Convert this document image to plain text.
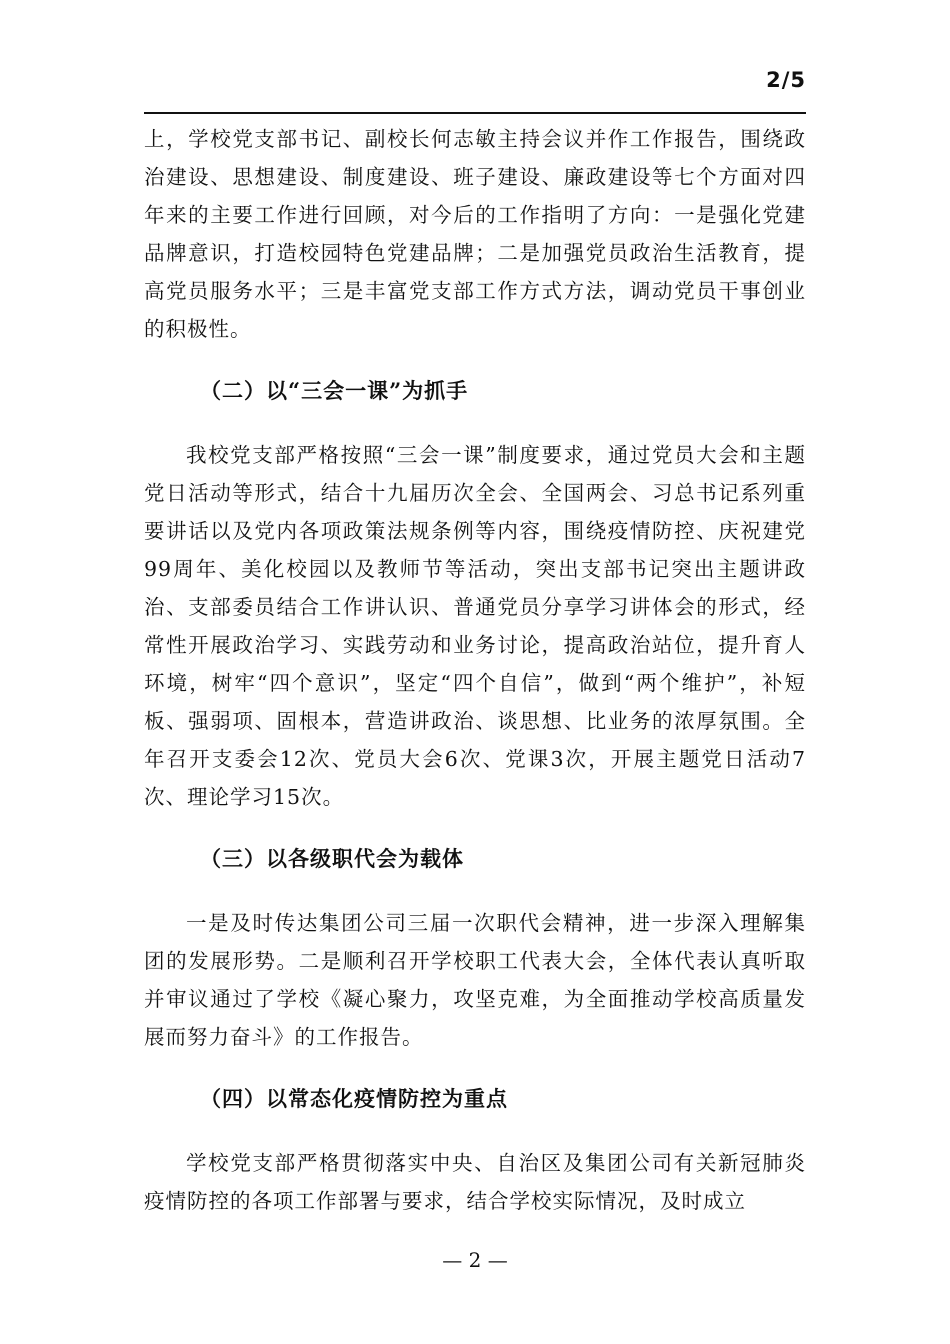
2/5

上，学校党支部书记、副校长何志敏主持会议并作工作报告，围绕政治建设、思想建设、制度建设、班子建设、廉政建设等七个方面对四年来的主要工作进行回顾，对今后的工作指明了方向：一是强化党建品牌意识，打造校园特色党建品牌；二是加强党员政治生活教育，提高党员服务水平；三是丰富党支部工作方式方法，调动党员干事创业的积极性。

（二）以“三会一课”为抓手

我校党支部严格按照“三会一课”制度要求，通过党员大会和主题党日活动等形式，结合十九届历次全会、全国两会、习总书记系列重要讲话以及党内各项政策法规条例等内容，围绕疫情防控、庆祝建党99周年、美化校园以及教师节等活动，突出支部书记突出主题讲政治、支部委员结合工作讲认识、普通党员分享学习讲体会的形式，经常性开展政治学习、实践劳动和业务讨论，提高政治站位，提升育人环境，树牢“四个意识”，坚定“四个自信”，做到“两个维护”，补短板、强弱项、固根本，营造讲政治、谈思想、比业务的浓厚氛围。全年召开支委会12次、党员大会6次、党课3次，开展主题党日活动7次、理论学习15次。

（三）以各级职代会为载体

一是及时传达集团公司三届一次职代会精神，进一步深入理解集团的发展形势。二是顺利召开学校职工代表大会，全体代表认真听取并审议通过了学校《凝心聚力，攻坚克难，为全面推动学校高质量发展而努力奋斗》的工作报告。

（四）以常态化疫情防控为重点

学校党支部严格贯彻落实中央、自治区及集团公司有关新冠肺炎疫情防控的各项工作部署与要求，结合学校实际情况，及时成立

— 2 —
